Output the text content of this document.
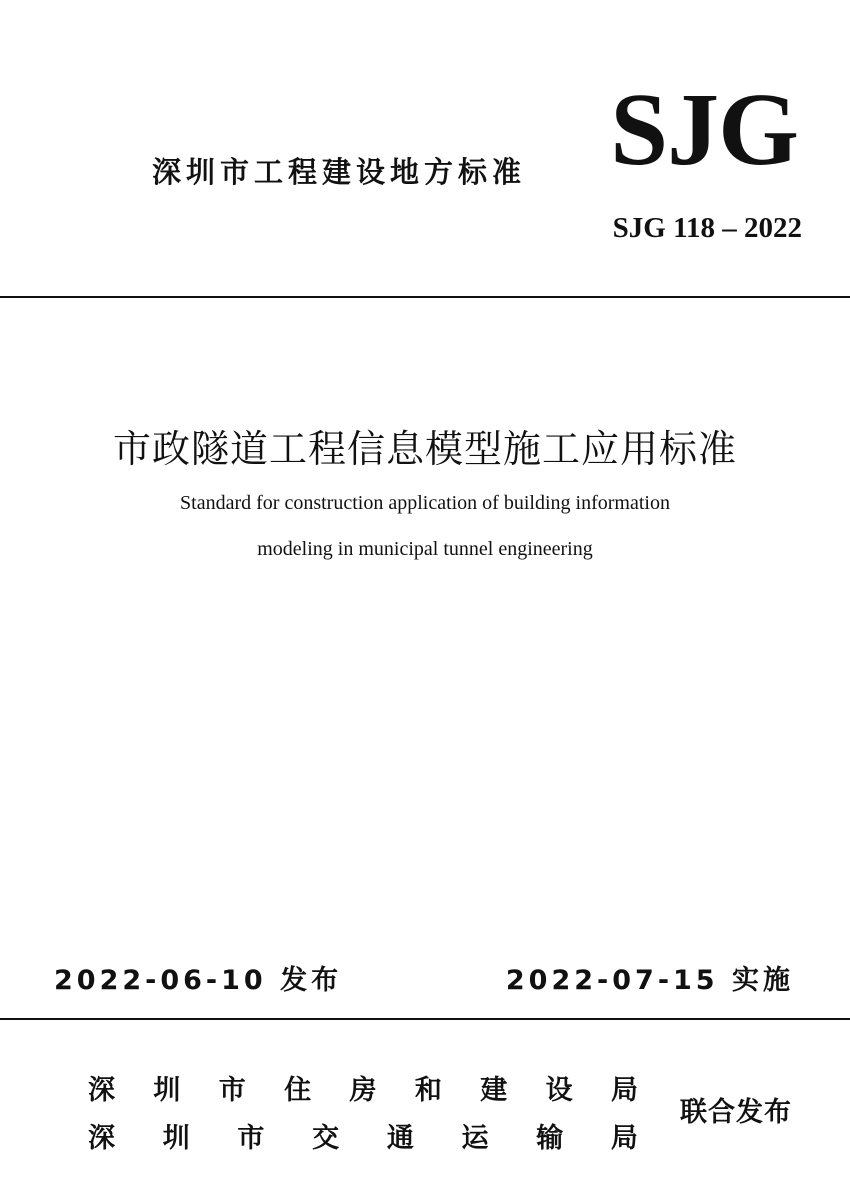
深圳市工程建设地方标准 SJG
SJG 118 – 2022
市政隧道工程信息模型施工应用标准
Standard for construction application of building information
modeling in municipal tunnel engineering
2022-06-10 发布	2022-07-15 实施
深 圳 市 住 房 和 建 设 局
深 圳 市 交 通 运 输 局
联合发布
